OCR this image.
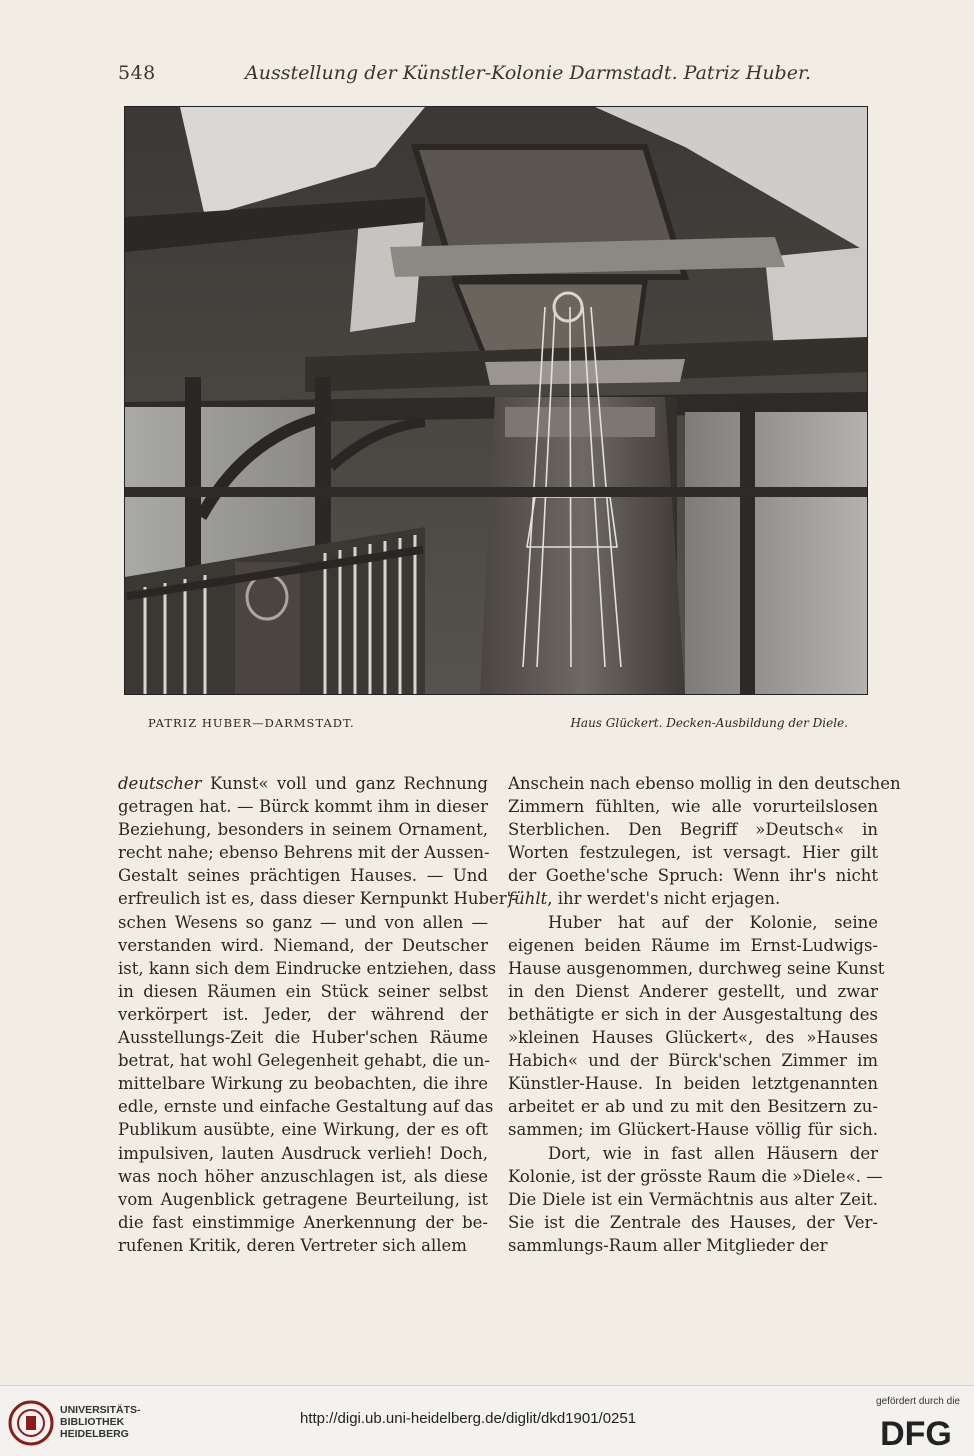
548	Ausstellung der Künstler-Kolonie Darmstadt. Patriz Huber.
PATRIZ HUBER—DARMSTADT.	Haus Glückert. Decken-Ausbildung der Diele.
deutscher Kunst« voll und ganz Rechnung
getragen hat. — Bürck kommt ihm in dieser
Beziehung, besonders in seinem Ornament,
recht nahe; ebenso Behrens mit der Aussen-
Gestalt seines prächtigen Hauses. — Und
erfreulich ist es, dass dieser Kernpunkt Huber'-
schen Wesens so ganz — und von allen —
verstanden wird. Niemand, der Deutscher
ist, kann sich dem Eindrucke entziehen, dass
in diesen Räumen ein Stück seiner selbst
verkörpert ist. Jeder, der während der
Ausstellungs-Zeit die Huber'schen Räume
betrat, hat wohl Gelegenheit gehabt, die un-
mittelbare Wirkung zu beobachten, die ihre
edle, ernste und einfache Gestaltung auf das
Publikum ausübte, eine Wirkung, der es oft
impulsiven, lauten Ausdruck verlieh! Doch,
was noch höher anzuschlagen ist, als diese
vom Augenblick getragene Beurteilung, ist
die fast einstimmige Anerkennung der be-
rufenen Kritik, deren Vertreter sich allem
Anschein nach ebenso mollig in den deutschen
Zimmern fühlten, wie alle vorurteilslosen
Sterblichen. Den Begriff »Deutsch« in
Worten festzulegen, ist versagt. Hier gilt
der Goethe'sche Spruch: Wenn ihr's nicht
fühlt, ihr werdet's nicht erjagen.
Huber hat auf der Kolonie, seine
eigenen beiden Räume im Ernst-Ludwigs-
Hause ausgenommen, durchweg seine Kunst
in den Dienst Anderer gestellt, und zwar
bethätigte er sich in der Ausgestaltung des
»kleinen Hauses Glückert«, des »Hauses
Habich« und der Bürck'schen Zimmer im
Künstler-Hause. In beiden letztgenannten
arbeitet er ab und zu mit den Besitzern zu-
sammen; im Glückert-Hause völlig für sich.
Dort, wie in fast allen Häusern der
Kolonie, ist der grösste Raum die »Diele«. —
Die Diele ist ein Vermächtnis aus alter Zeit.
Sie ist die Zentrale des Hauses, der Ver-
sammlungs-Raum aller Mitglieder der
UNIVERSITÄTS-
BIBLIOTHEK
HEIDELBERG
http://digi.ub.uni-heidelberg.de/diglit/dkd1901/0251
gefördert durch die
DFG
